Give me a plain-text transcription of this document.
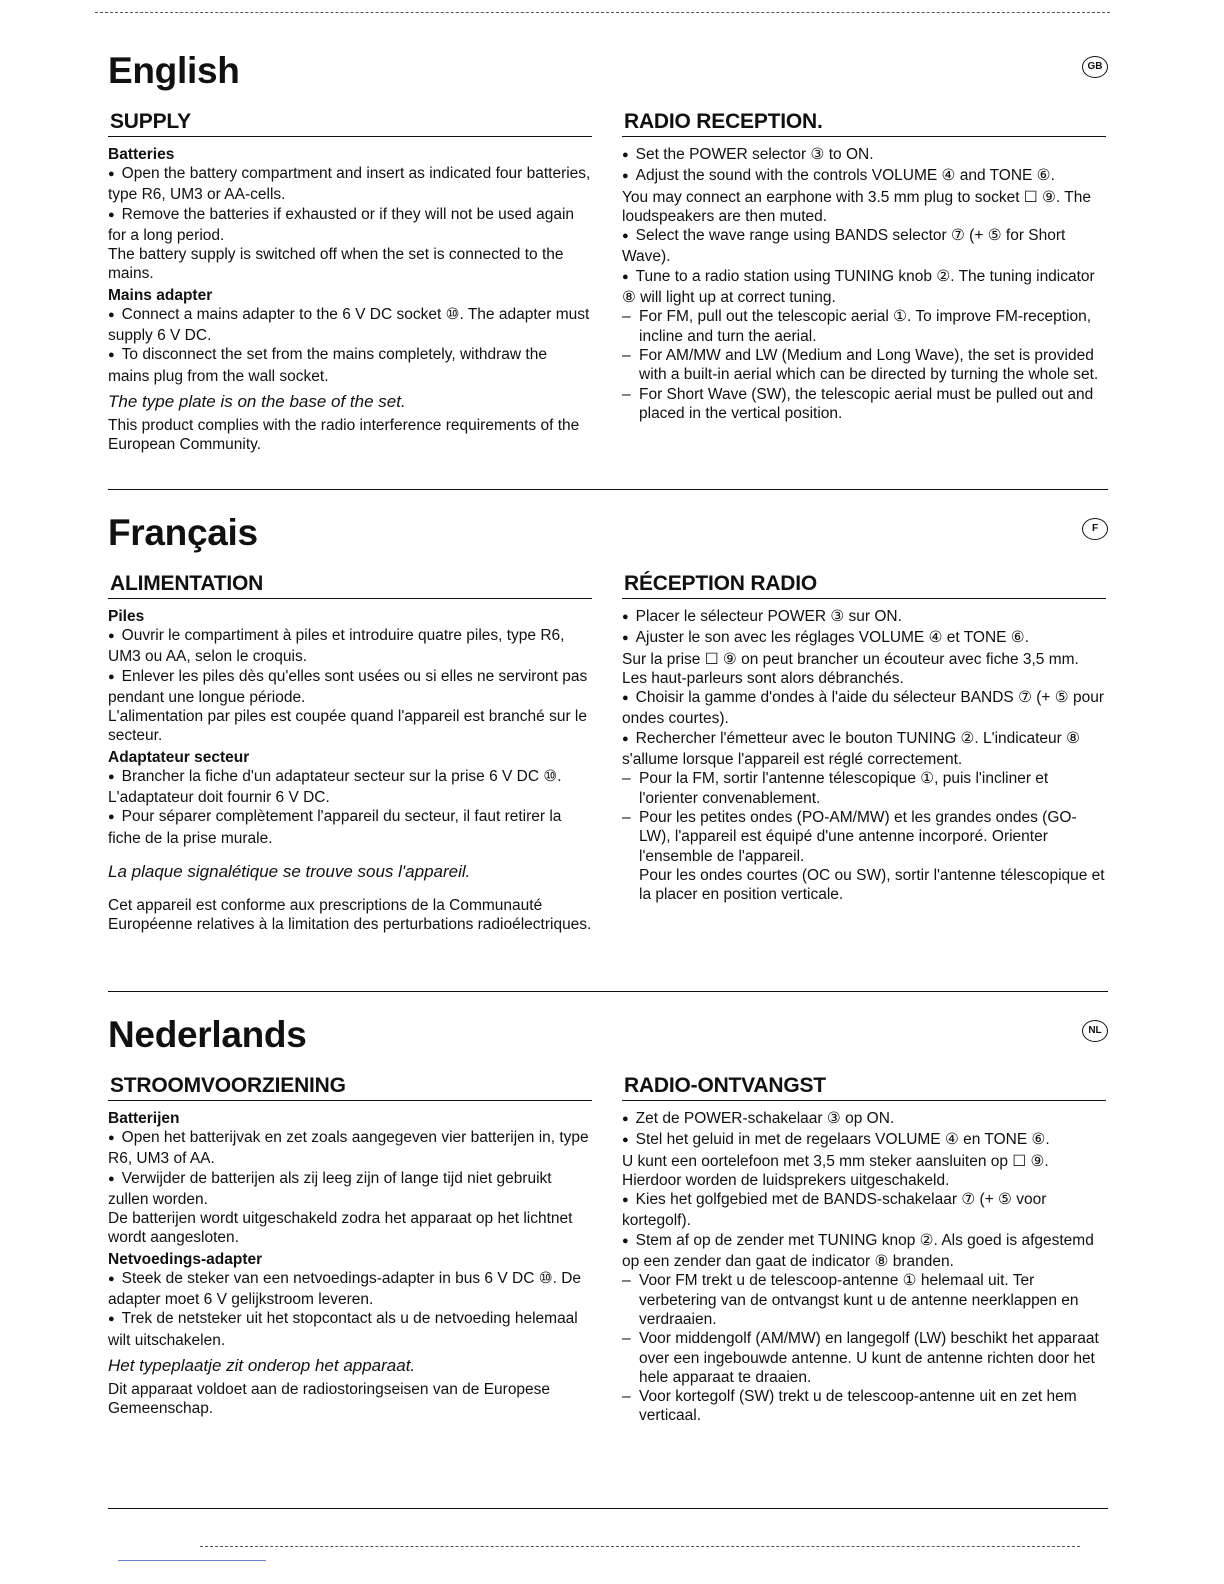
English	GB
SUPPLY
Batteries

● Open the battery compartment and insert as indicated four batteries, type R6, UM3 or AA-cells.

● Remove the batteries if exhausted or if they will not be used again for a long period.

The battery supply is switched off when the set is connected to the mains.

Mains adapter

● Connect a mains adapter to the 6 V DC socket ⑩. The adapter must supply 6 V DC.

● To disconnect the set from the mains completely, withdraw the mains plug from the wall socket.

The type plate is on the base of the set.

This product complies with the radio interference requirements of the European Community.

RADIO RECEPTION.

● Set the POWER selector ③ to ON.

● Adjust the sound with the controls VOLUME ④ and TONE ⑥.

You may connect an earphone with 3.5 mm plug to socket ☐ ⑨. The loudspeakers are then muted.

● Select the wave range using BANDS selector ⑦ (+ ⑤ for Short Wave).

● Tune to a radio station using TUNING knob ②. The tuning indicator ⑧ will light up at correct tuning.

– For FM, pull out the telescopic aerial ①. To improve FM-reception, incline and turn the aerial.

– For AM/MW and LW (Medium and Long Wave), the set is provided with a built-in aerial which can be directed by turning the whole set.

– For Short Wave (SW), the telescopic aerial must be pulled out and placed in the vertical position.

Français	F
ALIMENTATION
Piles

● Ouvrir le compartiment à piles et introduire quatre piles, type R6, UM3 ou AA, selon le croquis.

● Enlever les piles dès qu'elles sont usées ou si elles ne serviront pas pendant une longue période.

L'alimentation par piles est coupée quand l'appareil est branché sur le secteur.

Adaptateur secteur

● Brancher la fiche d'un adaptateur secteur sur la prise 6 V DC ⑩. L'adaptateur doit fournir 6 V DC.

● Pour séparer complètement l'appareil du secteur, il faut retirer la fiche de la prise murale.

La plaque signalétique se trouve sous l'appareil.

Cet appareil est conforme aux prescriptions de la Communauté Européenne relatives à la limitation des perturbations radioélectriques.

RÉCEPTION RADIO

● Placer le sélecteur POWER ③ sur ON.

● Ajuster le son avec les réglages VOLUME ④ et TONE ⑥.

Sur la prise ☐ ⑨ on peut brancher un écouteur avec fiche 3,5 mm. Les haut-parleurs sont alors débranchés.

● Choisir la gamme d'ondes à l'aide du sélecteur BANDS ⑦ (+ ⑤ pour ondes courtes).

● Rechercher l'émetteur avec le bouton TUNING ②. L'indicateur ⑧ s'allume lorsque l'appareil est réglé correctement.

– Pour la FM, sortir l'antenne télescopique ①, puis l'incliner et l'orienter convenablement.

– Pour les petites ondes (PO-AM/MW) et les grandes ondes (GO-LW), l'appareil est équipé d'une antenne incorporé. Orienter l'ensemble de l'appareil.

Pour les ondes courtes (OC ou SW), sortir l'antenne télescopique et la placer en position verticale.

Nederlands	NL
STROOMVOORZIENING
Batterijen

● Open het batterijvak en zet zoals aangegeven vier batterijen in, type R6, UM3 of AA.

● Verwijder de batterijen als zij leeg zijn of lange tijd niet gebruikt zullen worden.

De batterijen wordt uitgeschakeld zodra het apparaat op het lichtnet wordt aangesloten.

Netvoedings-adapter

● Steek de steker van een netvoedings-adapter in bus 6 V DC ⑩. De adapter moet 6 V gelijkstroom leveren.

● Trek de netsteker uit het stopcontact als u de netvoeding helemaal wilt uitschakelen.

Het typeplaatje zit onderop het apparaat.

Dit apparaat voldoet aan de radiostoringseisen van de Europese Gemeenschap.

RADIO-ONTVANGST

● Zet de POWER-schakelaar ③ op ON.

● Stel het geluid in met de regelaars VOLUME ④ en TONE ⑥.

U kunt een oortelefoon met 3,5 mm steker aansluiten op ☐ ⑨. Hierdoor worden de luidsprekers uitgeschakeld.

● Kies het golfgebied met de BANDS-schakelaar ⑦ (+ ⑤ voor kortegolf).

● Stem af op de zender met TUNING knop ②. Als goed is afgestemd op een zender dan gaat de indicator ⑧ branden.

– Voor FM trekt u de telescoop-antenne ① helemaal uit. Ter verbetering van de ontvangst kunt u de antenne neerklappen en verdraaien.

– Voor middengolf (AM/MW) en langegolf (LW) beschikt het apparaat over een ingebouwde antenne. U kunt de antenne richten door het hele apparaat te draaien.

– Voor kortegolf (SW) trekt u de telescoop-antenne uit en zet hem verticaal.
